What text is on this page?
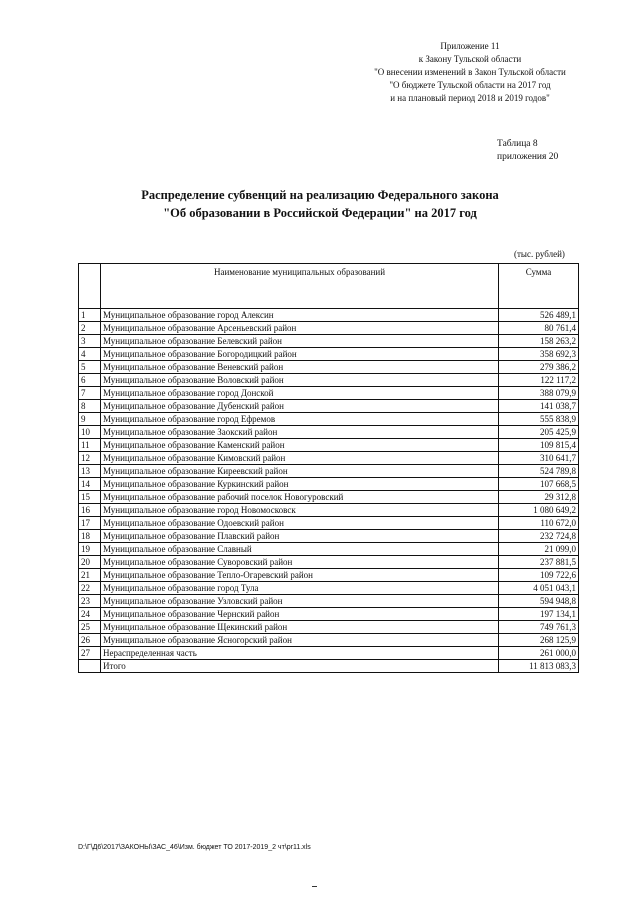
Приложение 11
к Закону Тульской области
"О внесении изменений в Закон Тульской области
"О бюджете Тульской области на 2017 год
и на плановый период 2018 и 2019 годов"
Таблица 8
приложения 20
Распределение субвенций на реализацию Федерального закона
"Об образовании в Российской Федерации" на 2017 год
(тыс. рублей)
	Наименование муниципальных образований	Сумма
1	Муниципальное образование город Алексин	526 489,1
2	Муниципальное образование Арсеньевский район	80 761,4
3	Муниципальное образование Белевский район	158 263,2
4	Муниципальное образование Богородицкий район	358 692,3
5	Муниципальное образование Веневский район	279 386,2
6	Муниципальное образование Воловский район	122 117,2
7	Муниципальное образование город Донской	388 079,9
8	Муниципальное образование Дубенский район	141 038,7
9	Муниципальное образование город Ефремов	555 838,9
10	Муниципальное образование Заокский район	205 425,9
11	Муниципальное образование Каменский район	109 815,4
12	Муниципальное образование Кимовский район	310 641,7
13	Муниципальное образование Киреевский район	524 789,8
14	Муниципальное образование Куркинский район	107 668,5
15	Муниципальное образование рабочий поселок Новогуровский	29 312,8
16	Муниципальное образование город Новомосковск	1 080 649,2
17	Муниципальное образование Одоевский район	110 672,0
18	Муниципальное образование Плавский район	232 724,8
19	Муниципальное образование Славный	21 099,0
20	Муниципальное образование Суворовский район	237 881,5
21	Муниципальное образование Тепло-Огаревский район	109 722,6
22	Муниципальное образование город Тула	4 051 043,1
23	Муниципальное образование Узловский район	594 948,8
24	Муниципальное образование Чернский район	197 134,1
25	Муниципальное образование Щекинский район	749 761,3
26	Муниципальное образование Ясногорский район	268 125,9
27	Нераспределенная часть	261 000,0
	Итого	11 813 083,3
D:\Г\Д6\2017\ЗАКОНЫ\ЗАС_46\Изм. бюджет ТО 2017-2019_2 чт\pr11.xls
